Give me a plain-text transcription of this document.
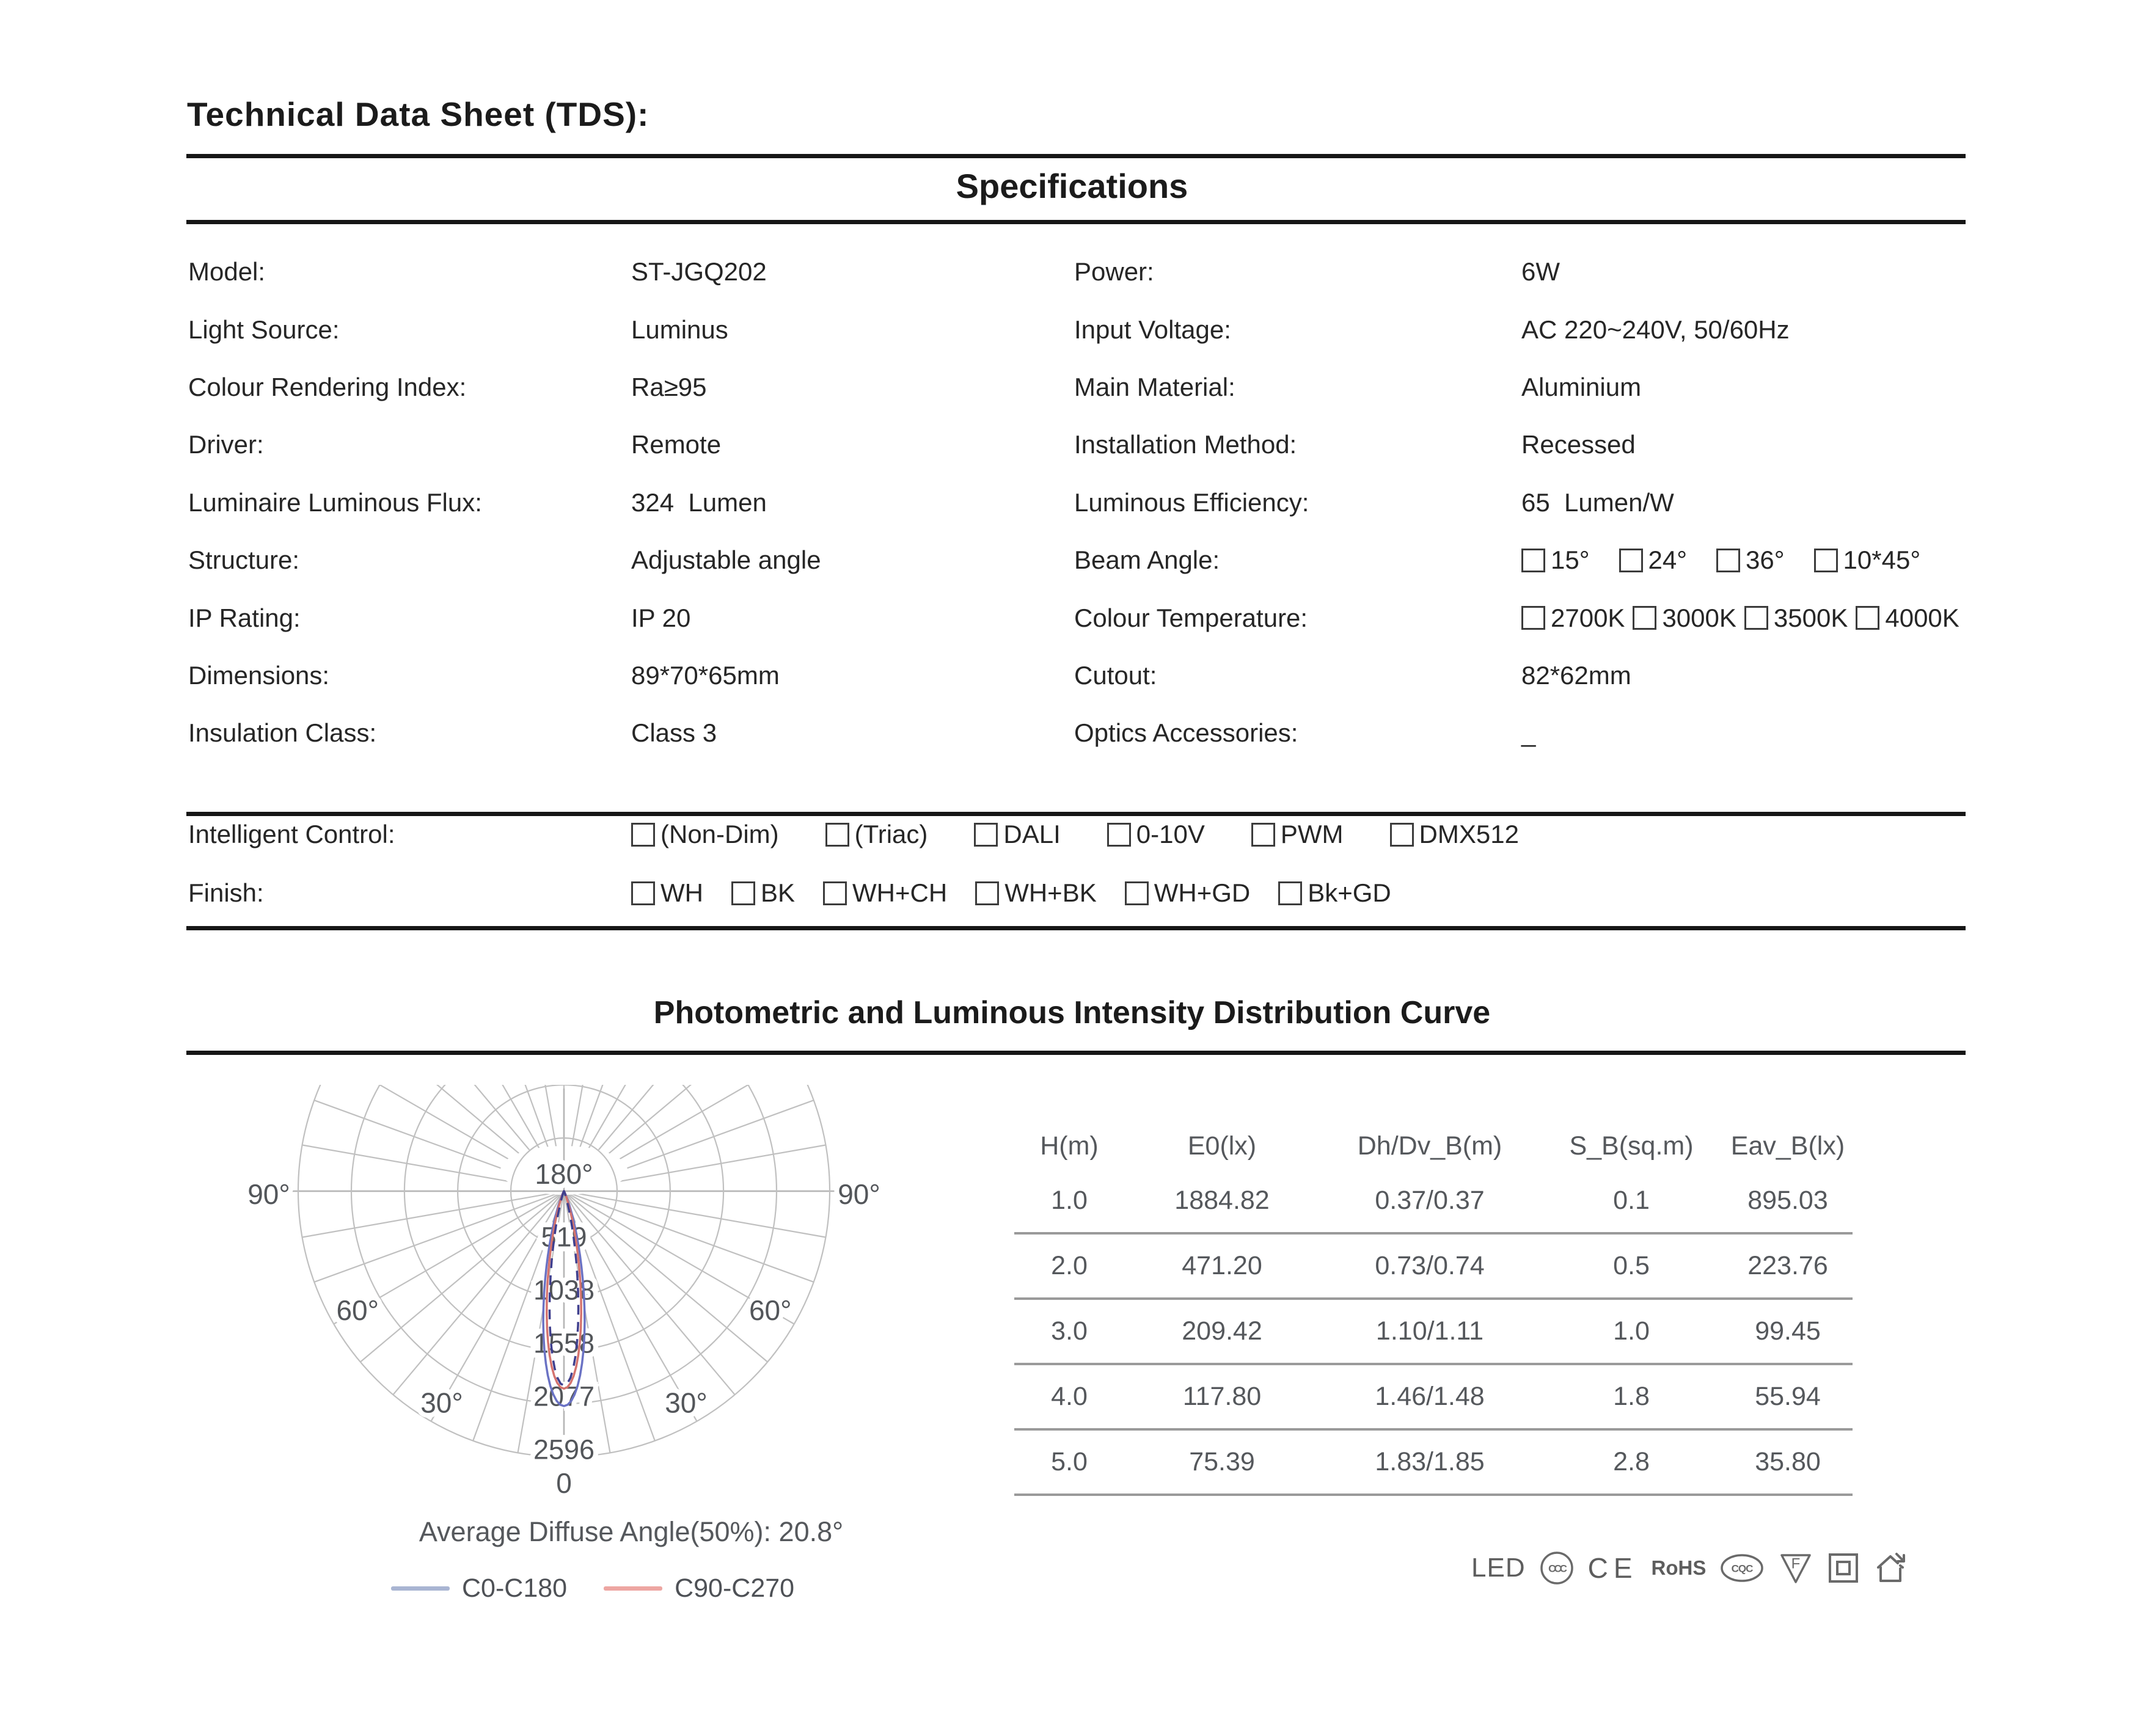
Technical Data Sheet (TDS):
Specifications
Model:	ST-JGQ202	Power:	6W
Light Source:	Luminus	Input Voltage:	AC 220~240V, 50/60Hz
Colour Rendering Index:	Ra≥95	Main Material:	Aluminium
Driver:	Remote	Installation Method:	Recessed
Luminaire Luminous Flux:	324  Lumen	Luminous Efficiency:	65  Lumen/W
Structure:	Adjustable angle	Beam Angle:	15° 24° 36° 10*45°
IP Rating:	IP 20	Colour Temperature:	2700K 3000K 3500K 4000K
Dimensions:	89*70*65mm	Cutout:	82*62mm
Insulation Class:	Class 3	Optics Accessories:	_
Intelligent Control:	(Non-Dim)	(Triac)	DALI	0-10V	PWM	DMX512
Finish:	WH BK WH+CH WH+BK WH+GD Bk+GD
Photometric and Luminous Intensity Distribution Curve
180°
519
1038
1558
2077
2596
0
90°	90°
60°	60°
30°	30°
Average Diffuse Angle(50%): 20.8°
C0-C180	C90-C270
H(m)	E0(lx)	Dh/Dv_B(m)	S_B(sq.m)	Eav_B(lx)
1.0	1884.82	0.37/0.37	0.1	895.03
2.0	471.20	0.73/0.74	0.5	223.76
3.0	209.42	1.10/1.11	1.0	99.45
4.0	117.80	1.46/1.48	1.8	55.94
5.0	75.39	1.83/1.85	2.8	35.80
LED CCC CE RoHS CQC	F
